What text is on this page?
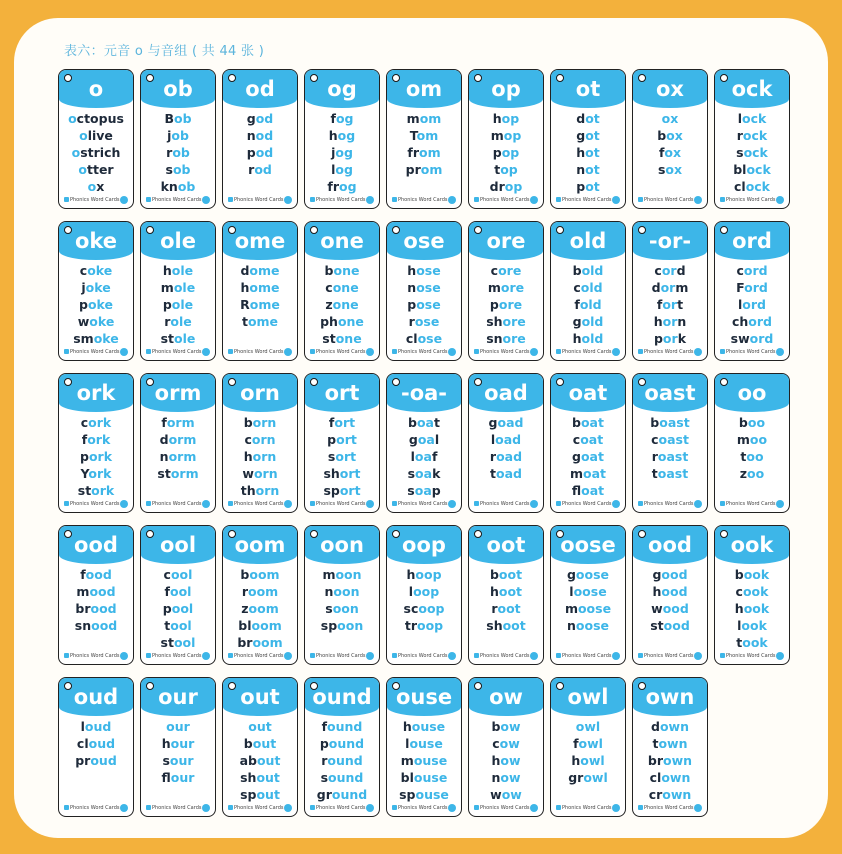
表六：元音 o 与音组 ( 共 44 张 )
o
octopus
olive
ostrich
otter
ox
Phonics Word Cards
ob
Bob
job
rob
sob
knob
Phonics Word Cards
od
god
nod
pod
rod
Phonics Word Cards
og
fog
hog
jog
log
frog
Phonics Word Cards
om
mom
Tom
from
prom
Phonics Word Cards
op
hop
mop
pop
top
drop
Phonics Word Cards
ot
dot
got
hot
not
pot
Phonics Word Cards
ox
ox
box
fox
sox
Phonics Word Cards
ock
lock
rock
sock
block
clock
Phonics Word Cards
oke
coke
joke
poke
woke
smoke
Phonics Word Cards
ole
hole
mole
pole
role
stole
Phonics Word Cards
ome
dome
home
Rome
tome
Phonics Word Cards
one
bone
cone
zone
phone
stone
Phonics Word Cards
ose
hose
nose
pose
rose
close
Phonics Word Cards
ore
core
more
pore
shore
snore
Phonics Word Cards
old
bold
cold
fold
gold
hold
Phonics Word Cards
-or-
cord
dorm
fort
horn
pork
Phonics Word Cards
ord
cord
Ford
lord
chord
sword
Phonics Word Cards
ork
cork
fork
pork
York
stork
Phonics Word Cards
orm
form
dorm
norm
storm
Phonics Word Cards
orn
born
corn
horn
worn
thorn
Phonics Word Cards
ort
fort
port
sort
short
sport
Phonics Word Cards
-oa-
boat
goal
loaf
soak
soap
Phonics Word Cards
oad
goad
load
road
toad
Phonics Word Cards
oat
boat
coat
goat
moat
float
Phonics Word Cards
oast
boast
coast
roast
toast
Phonics Word Cards
oo
boo
moo
too
zoo
Phonics Word Cards
ood
food
mood
brood
snood
Phonics Word Cards
ool
cool
fool
pool
tool
stool
Phonics Word Cards
oom
boom
room
zoom
bloom
broom
Phonics Word Cards
oon
moon
noon
soon
spoon
Phonics Word Cards
oop
hoop
loop
scoop
troop
Phonics Word Cards
oot
boot
hoot
root
shoot
Phonics Word Cards
oose
goose
loose
moose
noose
Phonics Word Cards
ood
good
hood
wood
stood
Phonics Word Cards
ook
book
cook
hook
look
took
Phonics Word Cards
oud
loud
cloud
proud
Phonics Word Cards
our
our
hour
sour
flour
Phonics Word Cards
out
out
bout
about
shout
spout
Phonics Word Cards
ound
found
pound
round
sound
ground
Phonics Word Cards
ouse
house
louse
mouse
blouse
spouse
Phonics Word Cards
ow
bow
cow
how
now
wow
Phonics Word Cards
owl
owl
fowl
howl
growl
Phonics Word Cards
own
down
town
brown
clown
crown
Phonics Word Cards
